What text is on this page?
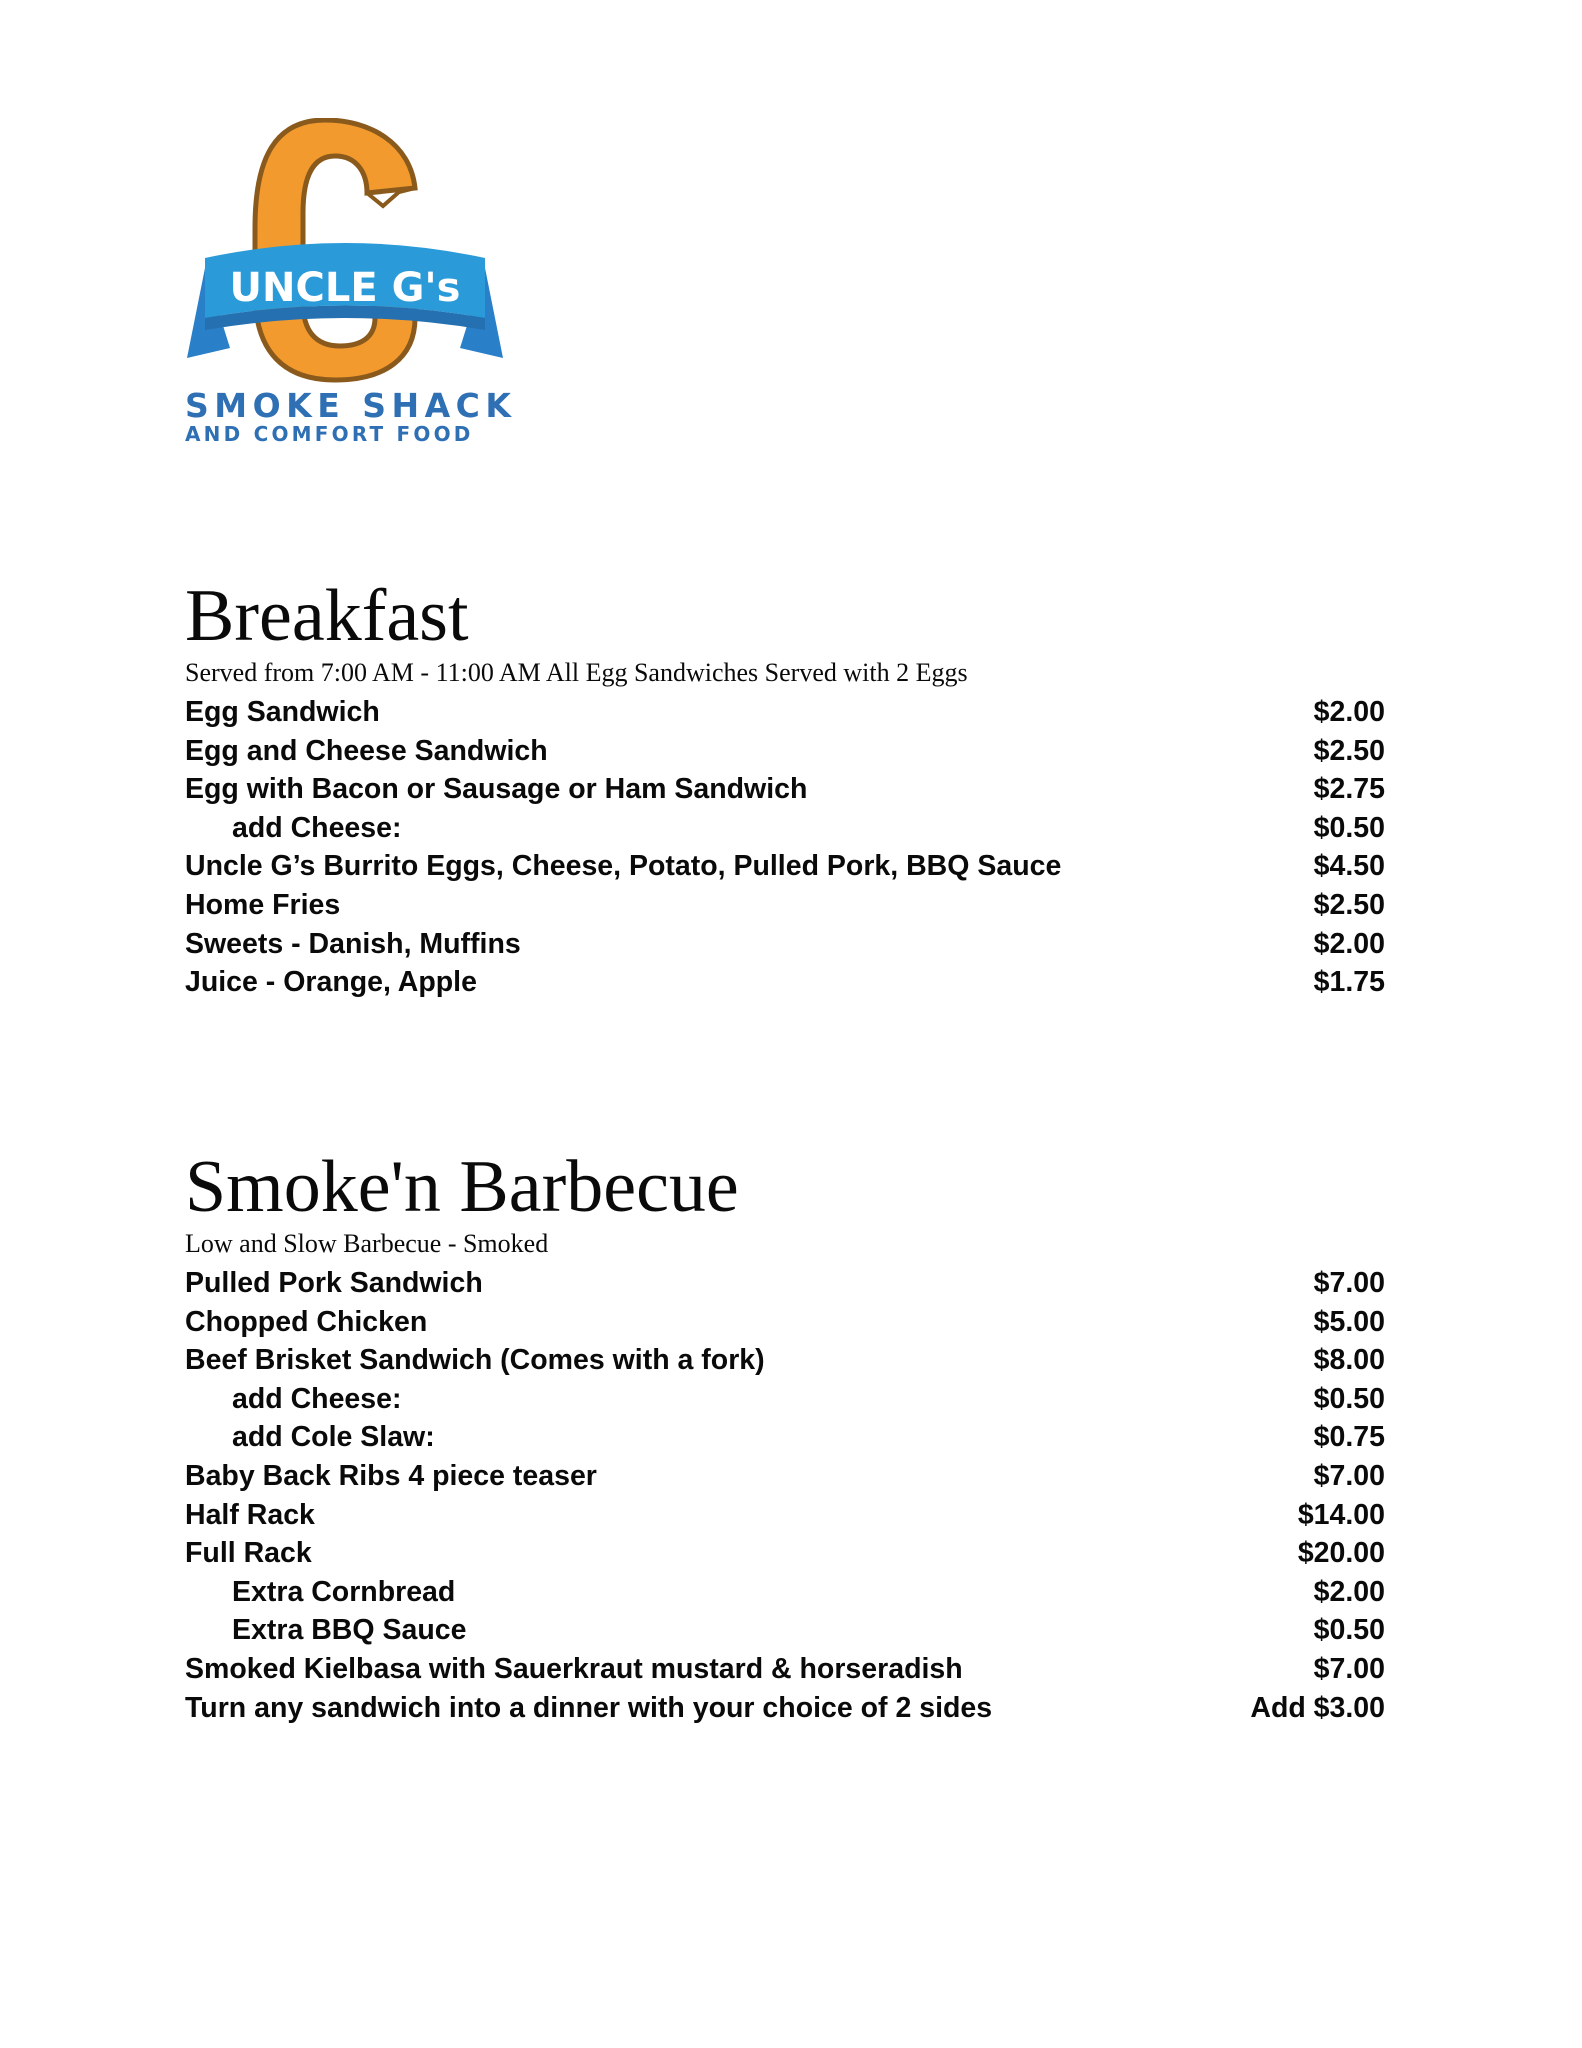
UNCLE G's
SMOKE SHACK
AND COMFORT FOOD
Breakfast

Served from 7:00 AM - 11:00 AM All Egg Sandwiches Served with 2 Eggs

Egg Sandwich	$2.00
Egg and Cheese Sandwich	$2.50
Egg with Bacon or Sausage or Ham Sandwich	$2.75
add Cheese:	$0.50
Uncle G’s Burrito Eggs, Cheese, Potato, Pulled Pork, BBQ Sauce	$4.50
Home Fries	$2.50
Sweets - Danish, Muffins	$2.00
Juice - Orange, Apple	$1.75
Smoke'n Barbecue

Low and Slow Barbecue - Smoked

Pulled Pork Sandwich	$7.00
Chopped Chicken	$5.00
Beef Brisket Sandwich (Comes with a fork)	$8.00
add Cheese:	$0.50
add Cole Slaw:	$0.75
Baby Back Ribs 4 piece teaser	$7.00
Half Rack	$14.00
Full Rack	$20.00
Extra Cornbread	$2.00
Extra BBQ Sauce	$0.50
Smoked Kielbasa with Sauerkraut mustard & horseradish	$7.00
Turn any sandwich into a dinner with your choice of 2 sides	Add $3.00
